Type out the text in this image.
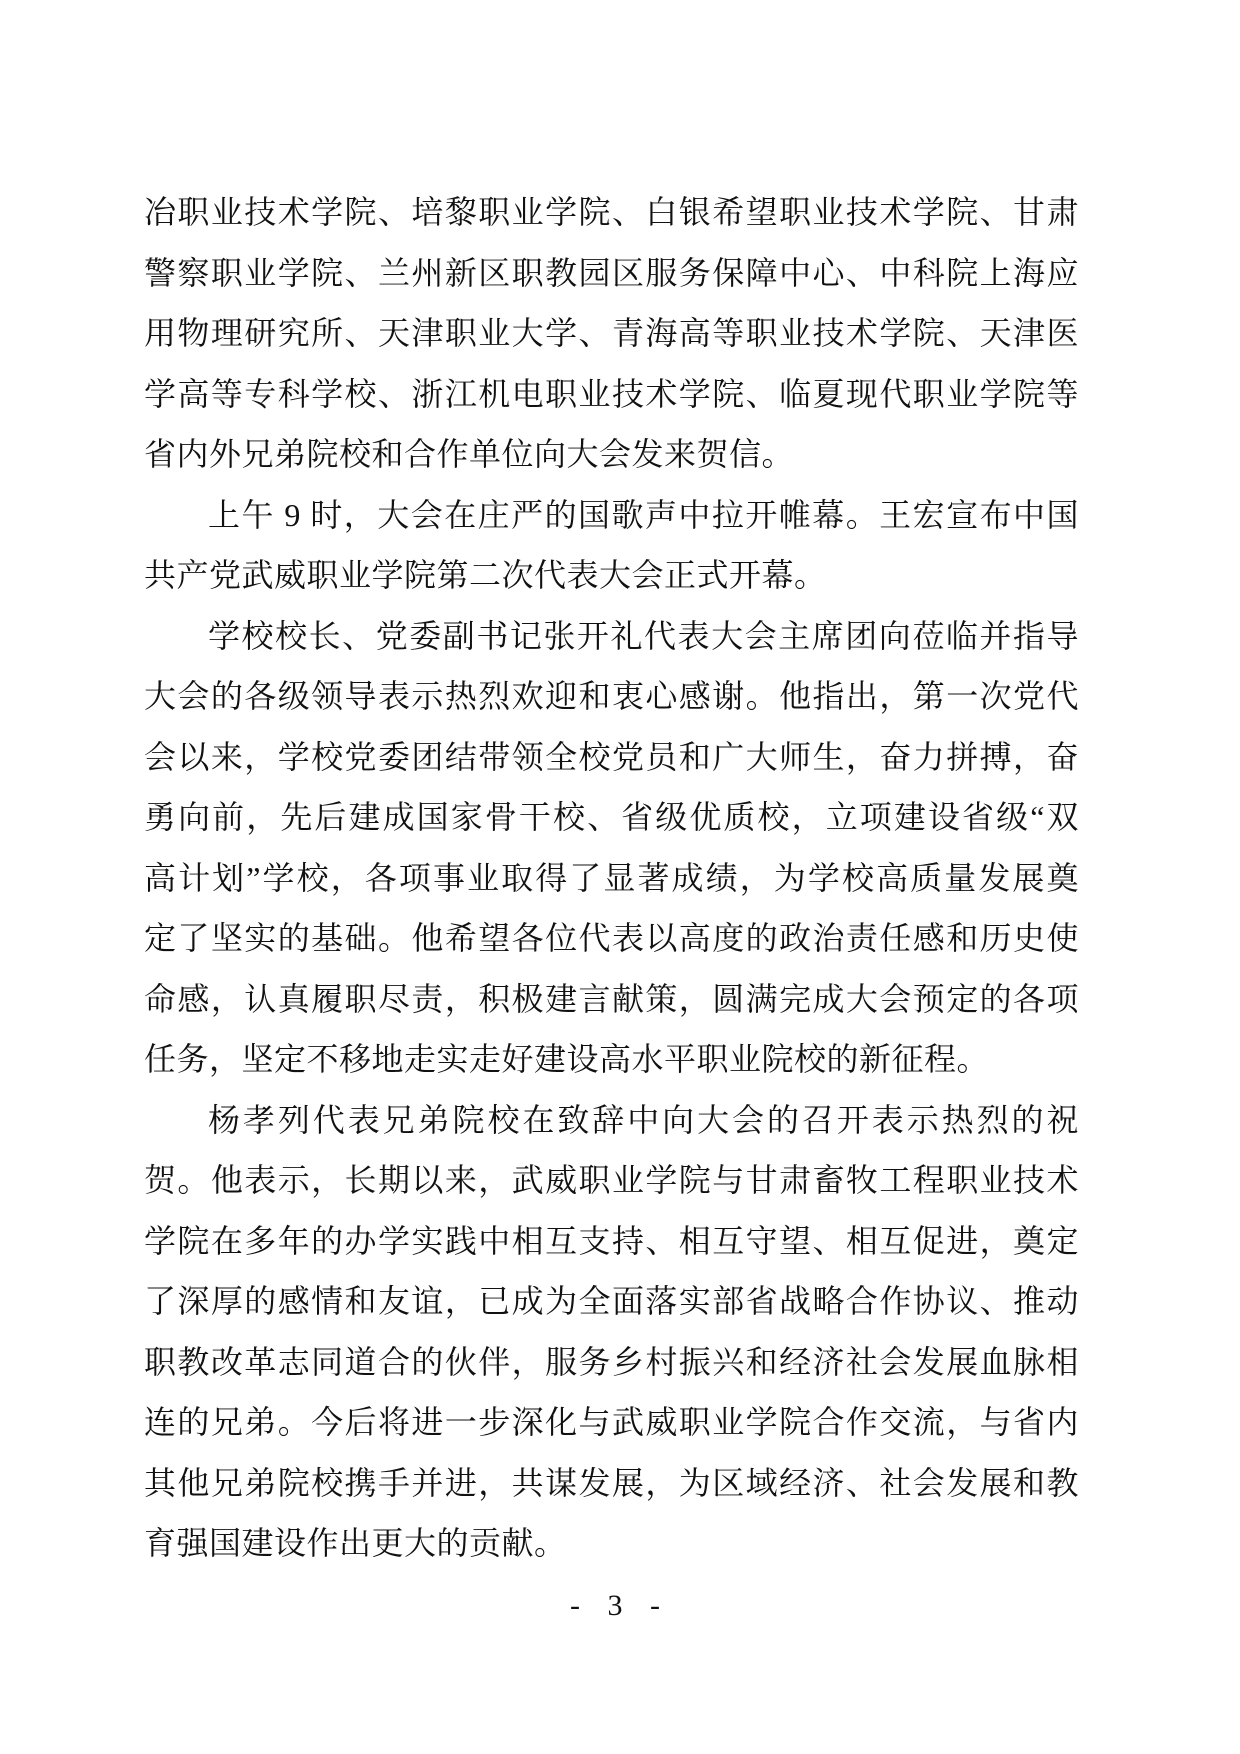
冶职业技术学院、培黎职业学院、白银希望职业技术学院、甘肃
警察职业学院、兰州新区职教园区服务保障中心、中科院上海应
用物理研究所、天津职业大学、青海高等职业技术学院、天津医
学高等专科学校、浙江机电职业技术学院、临夏现代职业学院等
省内外兄弟院校和合作单位向大会发来贺信。
上午 9 时，大会在庄严的国歌声中拉开帷幕。王宏宣布中国
共产党武威职业学院第二次代表大会正式开幕。
学校校长、党委副书记张开礼代表大会主席团向莅临并指导
大会的各级领导表示热烈欢迎和衷心感谢。他指出，第一次党代
会以来，学校党委团结带领全校党员和广大师生，奋力拼搏，奋
勇向前，先后建成国家骨干校、省级优质校，立项建设省级“双
高计划”学校，各项事业取得了显著成绩，为学校高质量发展奠
定了坚实的基础。他希望各位代表以高度的政治责任感和历史使
命感，认真履职尽责，积极建言献策，圆满完成大会预定的各项
任务，坚定不移地走实走好建设高水平职业院校的新征程。
杨孝列代表兄弟院校在致辞中向大会的召开表示热烈的祝
贺。他表示，长期以来，武威职业学院与甘肃畜牧工程职业技术
学院在多年的办学实践中相互支持、相互守望、相互促进，奠定
了深厚的感情和友谊，已成为全面落实部省战略合作协议、推动
职教改革志同道合的伙伴，服务乡村振兴和经济社会发展血脉相
连的兄弟。今后将进一步深化与武威职业学院合作交流，与省内
其他兄弟院校携手并进，共谋发展，为区域经济、社会发展和教
育强国建设作出更大的贡献。
- 3 -
